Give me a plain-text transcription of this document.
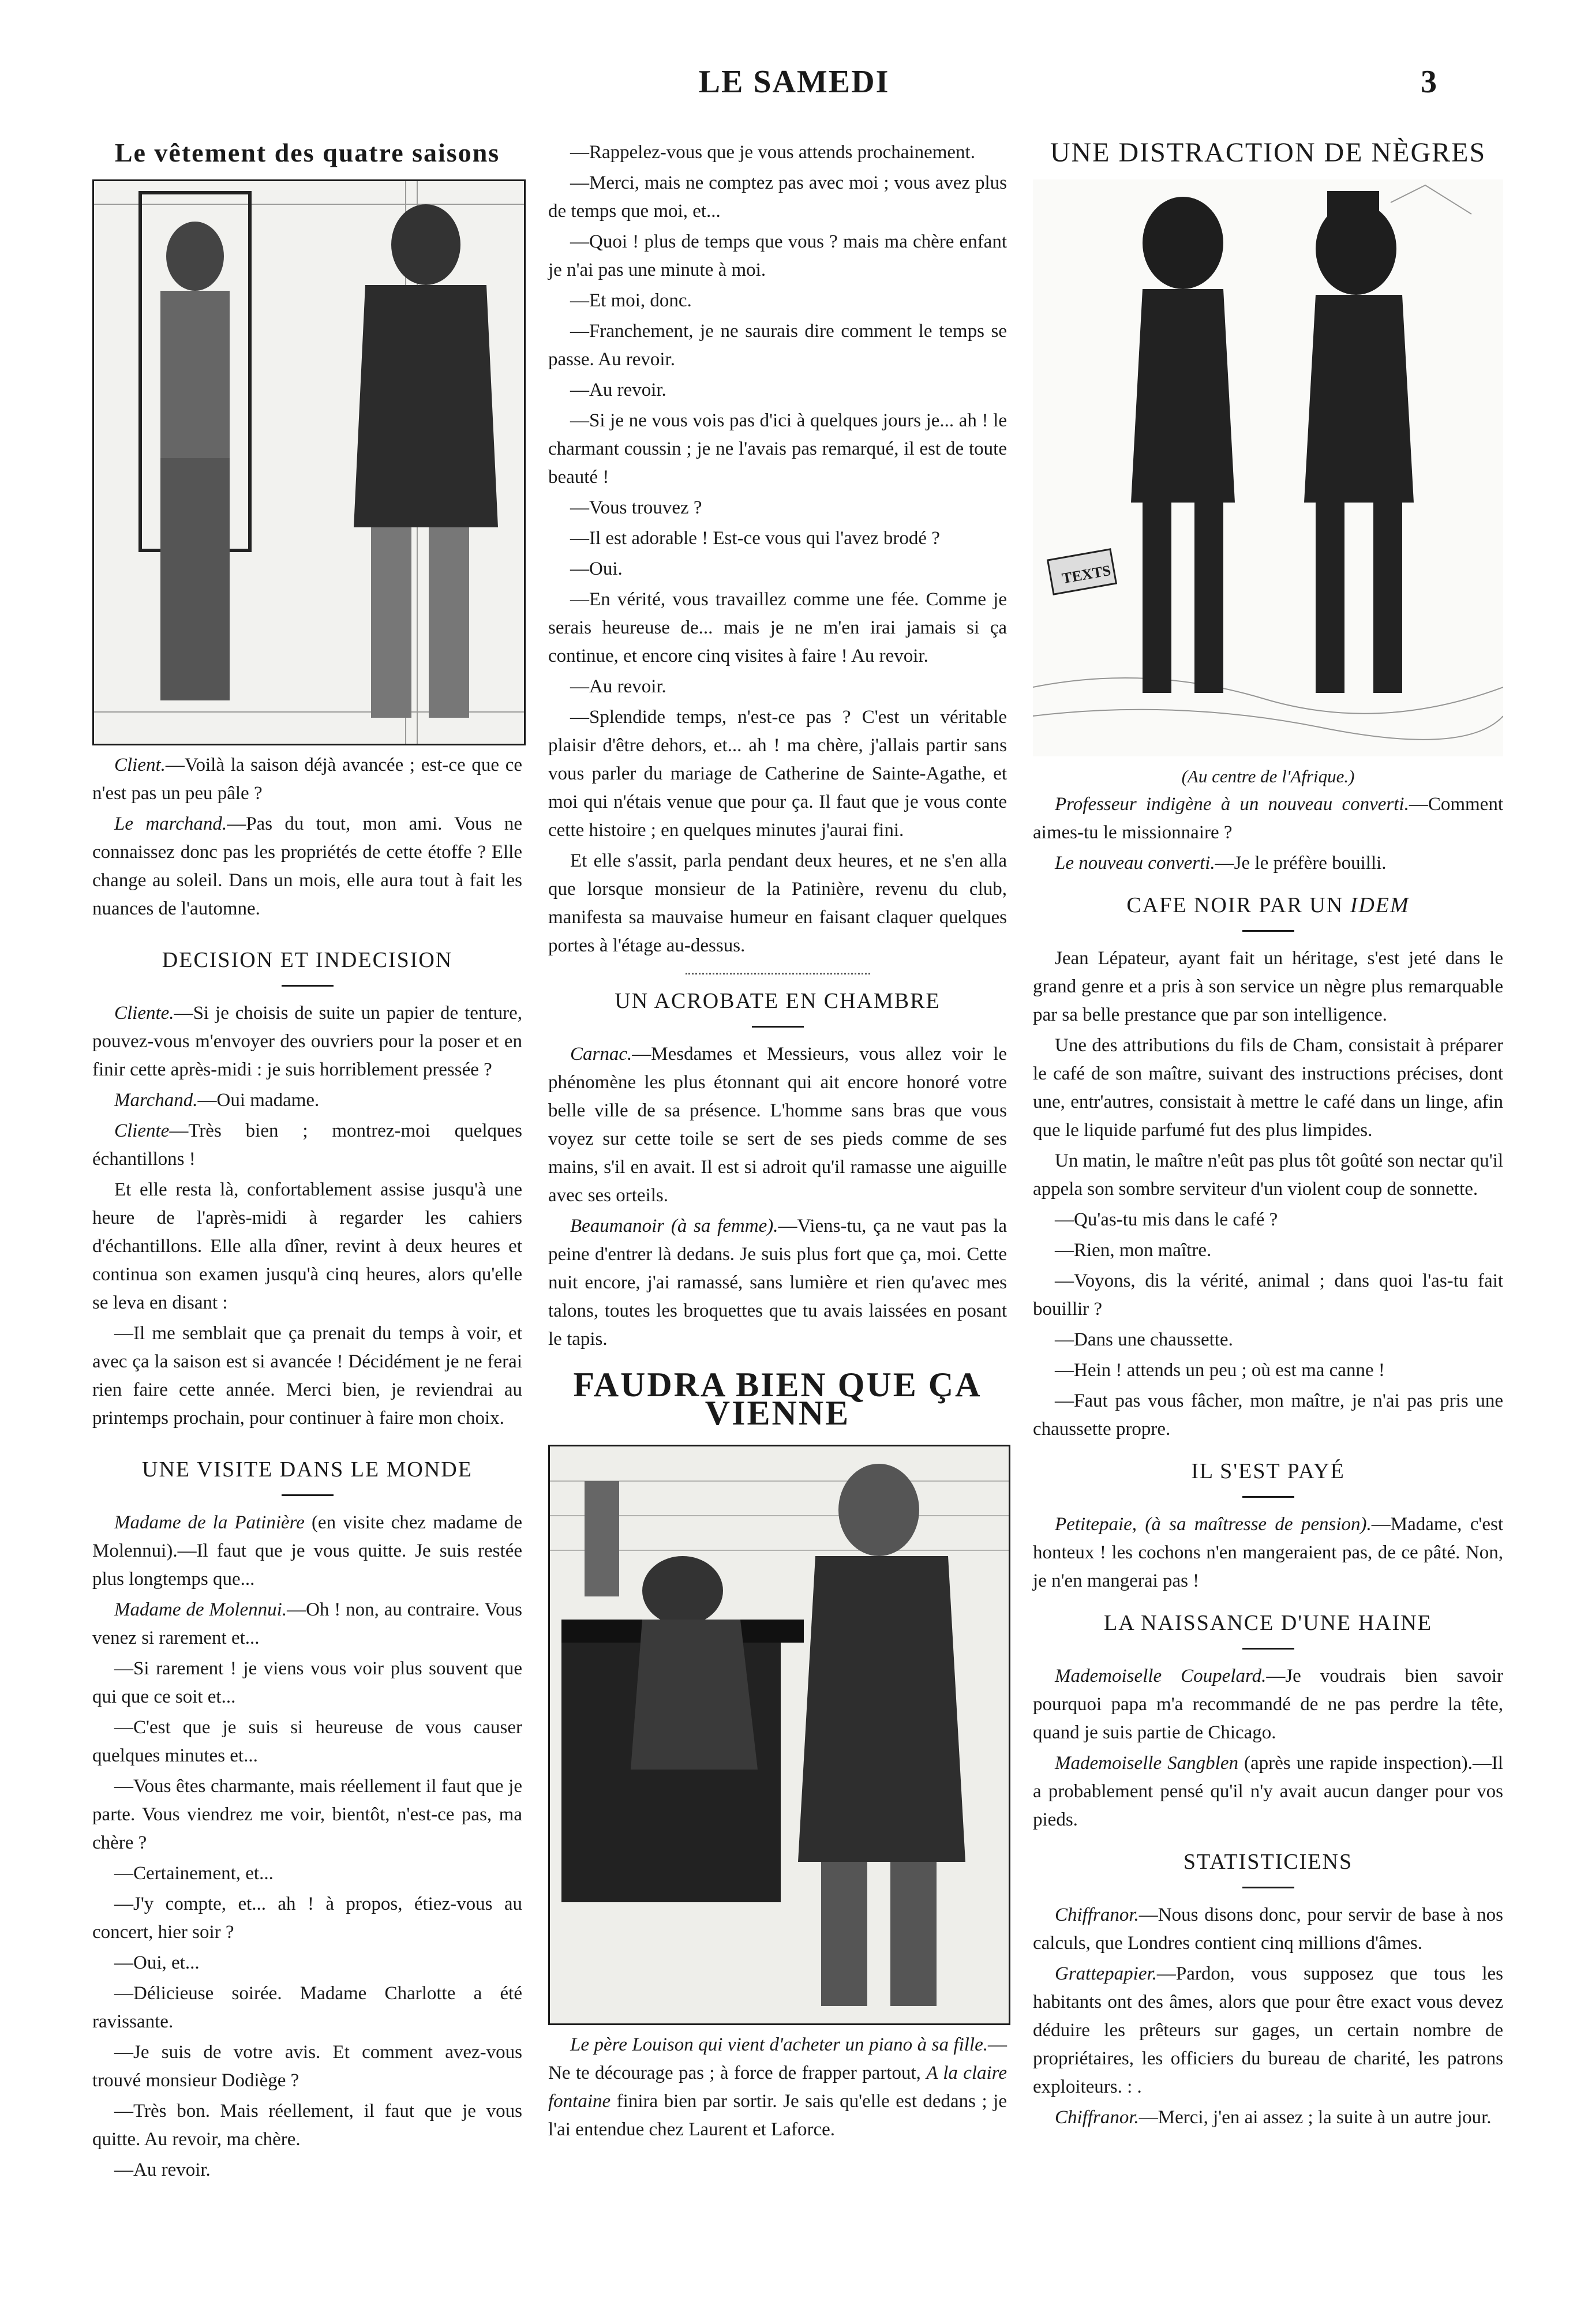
LE SAMEDI	3
Le vêtement des quatre saisons

Client.—Voilà la saison déjà avancée ; est-ce que ce n'est pas un peu pâle ?

Le marchand.—Pas du tout, mon ami. Vous ne connaissez donc pas les propriétés de cette étoffe ? Elle change au soleil. Dans un mois, elle aura tout à fait les nuances de l'automne.

DECISION ET INDECISION

Cliente.—Si je choisis de suite un papier de tenture, pouvez-vous m'envoyer des ouvriers pour la poser et en finir cette après-midi : je suis horriblement pressée ?

Marchand.—Oui madame.

Cliente—Très bien ; montrez-moi quelques échantillons !

Et elle resta là, confortablement assise jusqu'à une heure de l'après-midi à regarder les cahiers d'échantillons. Elle alla dîner, revint à deux heures et continua son examen jusqu'à cinq heures, alors qu'elle se leva en disant :

—Il me semblait que ça prenait du temps à voir, et avec ça la saison est si avancée ! Décidément je ne ferai rien faire cette année. Merci bien, je reviendrai au printemps prochain, pour continuer à faire mon choix.

UNE VISITE DANS LE MONDE

Madame de la Patinière (en visite chez madame de Molennui).—Il faut que je vous quitte. Je suis restée plus longtemps que...

Madame de Molennui.—Oh ! non, au contraire. Vous venez si rarement et...

—Si rarement ! je viens vous voir plus souvent que qui que ce soit et...

—C'est que je suis si heureuse de vous causer quelques minutes et...

—Vous êtes charmante, mais réellement il faut que je parte. Vous viendrez me voir, bientôt, n'est-ce pas, ma chère ?

—Certainement, et...

—J'y compte, et... ah ! à propos, étiez-vous au concert, hier soir ?

—Oui, et...

—Délicieuse soirée. Madame Charlotte a été ravissante.

—Je suis de votre avis. Et comment avez-vous trouvé monsieur Dodiège ?

—Très bon. Mais réellement, il faut que je vous quitte. Au revoir, ma chère.

—Au revoir.

—Rappelez-vous que je vous attends prochainement.

—Merci, mais ne comptez pas avec moi ; vous avez plus de temps que moi, et...

—Quoi ! plus de temps que vous ? mais ma chère enfant je n'ai pas une minute à moi.

—Et moi, donc.

—Franchement, je ne saurais dire comment le temps se passe. Au revoir.

—Au revoir.

—Si je ne vous vois pas d'ici à quelques jours je... ah ! le charmant coussin ; je ne l'avais pas remarqué, il est de toute beauté !

—Vous trouvez ?

—Il est adorable ! Est-ce vous qui l'avez brodé ?

—Oui.

—En vérité, vous travaillez comme une fée. Comme je serais heureuse de... mais je ne m'en irai jamais si ça continue, et encore cinq visites à faire ! Au revoir.

—Au revoir.

—Splendide temps, n'est-ce pas ? C'est un véritable plaisir d'être dehors, et... ah ! ma chère, j'allais partir sans vous parler du mariage de Catherine de Sainte-Agathe, et moi qui n'étais venue que pour ça. Il faut que je vous conte cette histoire ; en quelques minutes j'aurai fini.

Et elle s'assit, parla pendant deux heures, et ne s'en alla que lorsque monsieur de la Patinière, revenu du club, manifesta sa mauvaise humeur en faisant claquer quelques portes à l'étage au-dessus.

UN ACROBATE EN CHAMBRE

Carnac.—Mesdames et Messieurs, vous allez voir le phénomène les plus étonnant qui ait encore honoré votre belle ville de sa présence. L'homme sans bras que vous voyez sur cette toile se sert de ses pieds comme de ses mains, s'il en avait. Il est si adroit qu'il ramasse une aiguille avec ses orteils.

Beaumanoir (à sa femme).—Viens-tu, ça ne vaut pas la peine d'entrer là dedans. Je suis plus fort que ça, moi. Cette nuit encore, j'ai ramassé, sans lumière et rien qu'avec mes talons, toutes les broquettes que tu avais laissées en posant le tapis.

FAUDRA BIEN QUE ÇA VIENNE

Le père Louison qui vient d'acheter un piano à sa fille.—Ne te décourage pas ; à force de frapper partout, A la claire fontaine finira bien par sortir. Je sais qu'elle est dedans ; je l'ai entendue chez Laurent et Laforce.

UNE DISTRACTION DE NÈGRES
TEXTS
(Au centre de l'Afrique.)

Professeur indigène à un nouveau converti.—Comment aimes-tu le missionnaire ?

Le nouveau converti.—Je le préfère bouilli.

CAFE NOIR PAR UN IDEM

Jean Lépateur, ayant fait un héritage, s'est jeté dans le grand genre et a pris à son service un nègre plus remarquable par sa belle prestance que par son intelligence.

Une des attributions du fils de Cham, consistait à préparer le café de son maître, suivant des instructions précises, dont une, entr'autres, consistait à mettre le café dans un linge, afin que le liquide parfumé fut des plus limpides.

Un matin, le maître n'eût pas plus tôt goûté son nectar qu'il appela son sombre serviteur d'un violent coup de sonnette.

—Qu'as-tu mis dans le café ?

—Rien, mon maître.

—Voyons, dis la vérité, animal ; dans quoi l'as-tu fait bouillir ?

—Dans une chaussette.

—Hein ! attends un peu ; où est ma canne !

—Faut pas vous fâcher, mon maître, je n'ai pas pris une chaussette propre.

IL S'EST PAYÉ

Petitepaie, (à sa maîtresse de pension).—Madame, c'est honteux ! les cochons n'en mangeraient pas, de ce pâté. Non, je n'en mangerai pas !

LA NAISSANCE D'UNE HAINE

Mademoiselle Coupelard.—Je voudrais bien savoir pourquoi papa m'a recommandé de ne pas perdre la tête, quand je suis partie de Chicago.

Mademoiselle Sangblen (après une rapide inspection).—Il a probablement pensé qu'il n'y avait aucun danger pour vos pieds.

STATISTICIENS

Chiffranor.—Nous disons donc, pour servir de base à nos calculs, que Londres contient cinq millions d'âmes.

Grattepapier.—Pardon, vous supposez que tous les habitants ont des âmes, alors que pour être exact vous devez déduire les prêteurs sur gages, un certain nombre de propriétaires, les officiers du bureau de charité, les patrons exploiteurs. : .

Chiffranor.—Merci, j'en ai assez ; la suite à un autre jour.
